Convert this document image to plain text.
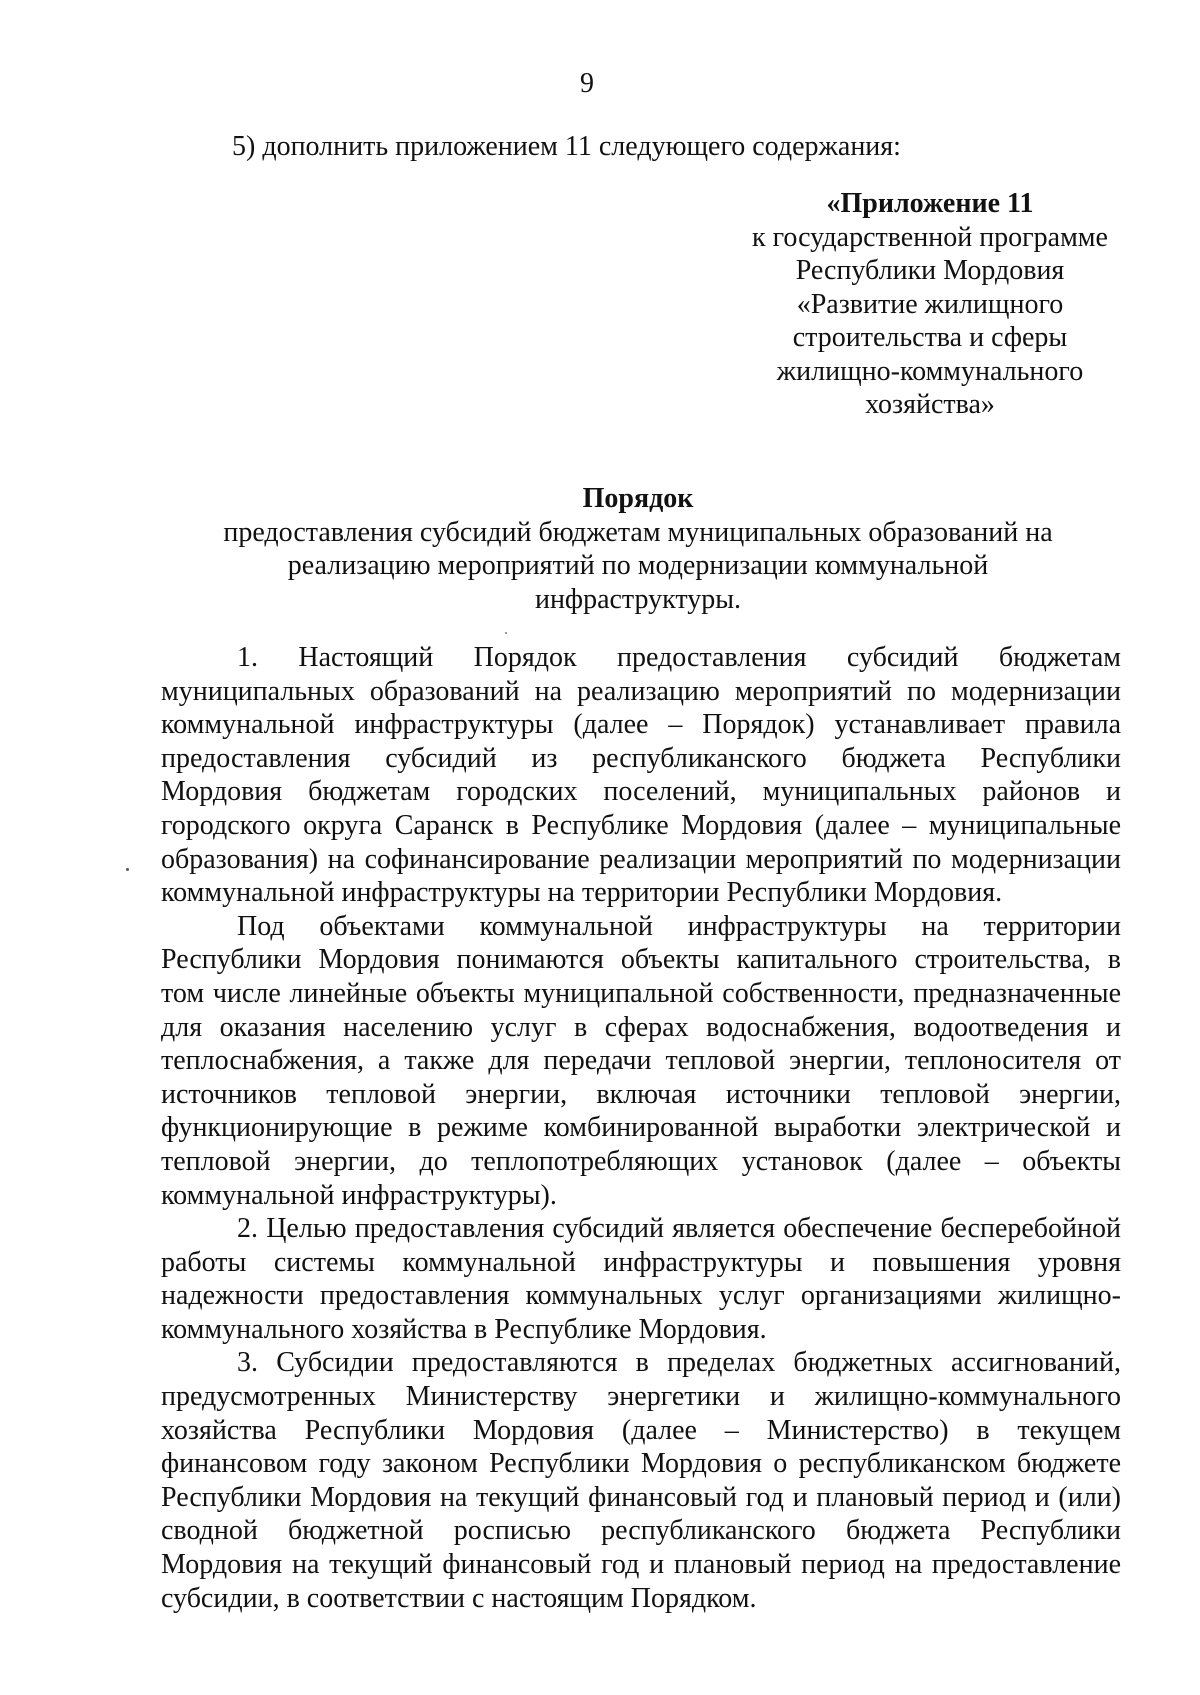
9
5) дополнить приложением 11 следующего содержания:
«Приложение 11
к государственной программе
Республики Мордовия
«Развитие жилищного
строительства и сферы
жилищно-коммунального
хозяйства»
Порядок
предоставления субсидий бюджетам муниципальных образований на
реализацию мероприятий по модернизации коммунальной
инфраструктуры.
1. Настоящий Порядок предоставления субсидий бюджетам
муниципальных образований на реализацию мероприятий по модернизации
коммунальной инфраструктуры (далее – Порядок) устанавливает правила
предоставления субсидий из республиканского бюджета Республики
Мордовия бюджетам городских поселений, муниципальных районов и
городского округа Саранск в Республике Мордовия (далее – муниципальные
образования) на софинансирование реализации мероприятий по модернизации
коммунальной инфраструктуры на территории Республики Мордовия.
Под объектами коммунальной инфраструктуры на территории
Республики Мордовия понимаются объекты капитального строительства, в
том числе линейные объекты муниципальной собственности, предназначенные
для оказания населению услуг в сферах водоснабжения, водоотведения и
теплоснабжения, а также для передачи тепловой энергии, теплоносителя от
источников тепловой энергии, включая источники тепловой энергии,
функционирующие в режиме комбинированной выработки электрической и
тепловой энергии, до теплопотребляющих установок (далее – объекты
коммунальной инфраструктуры).
2. Целью предоставления субсидий является обеспечение бесперебойной
работы системы коммунальной инфраструктуры и повышения уровня
надежности предоставления коммунальных услуг организациями жилищно-
коммунального хозяйства в Республике Мордовия.
3. Субсидии предоставляются в пределах бюджетных ассигнований,
предусмотренных Министерству энергетики и жилищно-коммунального
хозяйства Республики Мордовия (далее – Министерство) в текущем
финансовом году законом Республики Мордовия о республиканском бюджете
Республики Мордовия на текущий финансовый год и плановый период и (или)
сводной бюджетной росписью республиканского бюджета Республики
Мордовия на текущий финансовый год и плановый период на предоставление
субсидии, в соответствии с настоящим Порядком.
